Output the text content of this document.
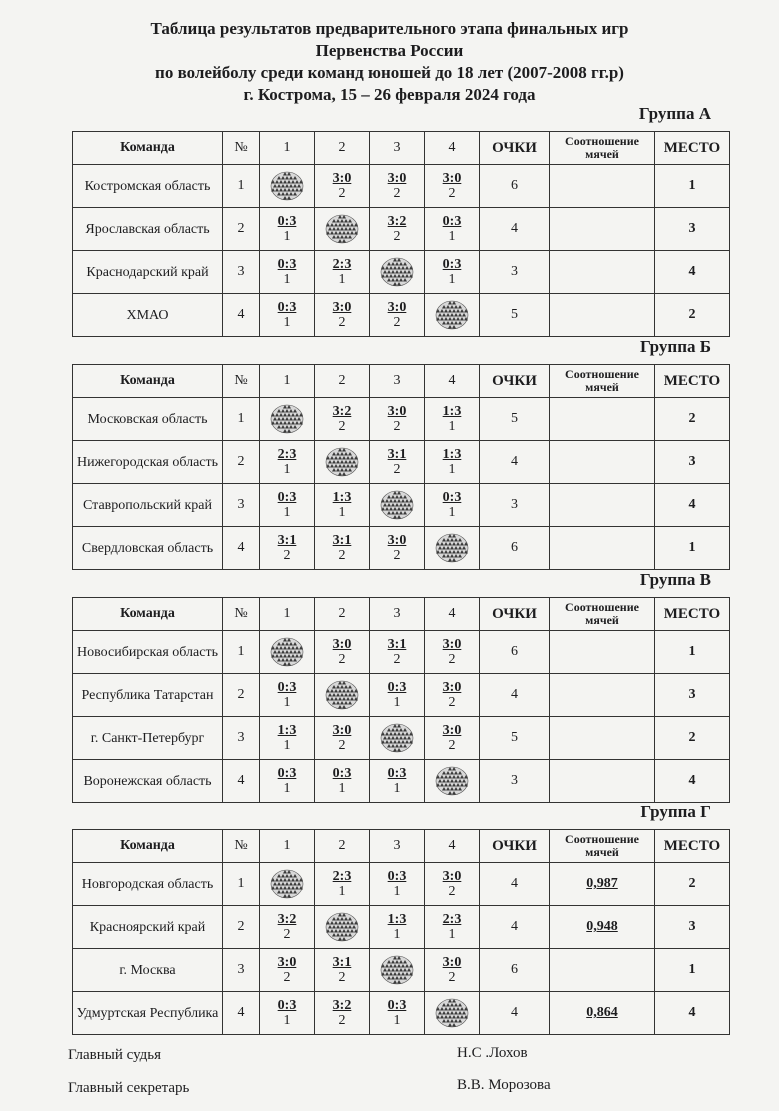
Таблица результатов предварительного этапа финальных игр
Первенства России
по волейболу среди команд юношей до 18 лет (2007-2008 гг.р)
г. Кострома, 15 – 26 февраля 2024 года
Группа А
Команда	№	1	2	3	4	ОЧКИ	Соотношение мячей	МЕСТО
Костромская область	1		$\frac{3:0}{2}$	$\frac{3:0}{2}$	$\frac{3:0}{2}$	6		1
Ярославская область	2	$\frac{0:3}{1}$		$\frac{3:2}{2}$	$\frac{0:3}{1}$	4		3
Краснодарский край	3	$\frac{0:3}{1}$	$\frac{2:3}{1}$		$\frac{0:3}{1}$	3		4
ХМАО	4	$\frac{0:3}{1}$	$\frac{3:0}{2}$	$\frac{3:0}{2}$		5		2
Группа Б
Команда	№	1	2	3	4	ОЧКИ	Соотношение мячей	МЕСТО
Московская область	1		$\frac{3:2}{2}$	$\frac{3:0}{2}$	$\frac{1:3}{1}$	5		2
Нижегородская область	2	$\frac{2:3}{1}$		$\frac{3:1}{2}$	$\frac{1:3}{1}$	4		3
Ставропольский край	3	$\frac{0:3}{1}$	$\frac{1:3}{1}$		$\frac{0:3}{1}$	3		4
Свердловская область	4	$\frac{3:1}{2}$	$\frac{3:1}{2}$	$\frac{3:0}{2}$		6		1
Группа В
Команда	№	1	2	3	4	ОЧКИ	Соотношение мячей	МЕСТО
Новосибирская область	1		$\frac{3:0}{2}$	$\frac{3:1}{2}$	$\frac{3:0}{2}$	6		1
Республика Татарстан	2	$\frac{0:3}{1}$		$\frac{0:3}{1}$	$\frac{3:0}{2}$	4		3
г. Санкт-Петербург	3	$\frac{1:3}{1}$	$\frac{3:0}{2}$		$\frac{3:0}{2}$	5		2
Воронежская область	4	$\frac{0:3}{1}$	$\frac{0:3}{1}$	$\frac{0:3}{1}$		3		4
Группа Г
Команда	№	1	2	3	4	ОЧКИ	Соотношение мячей	МЕСТО
Новгородская область	1		$\frac{2:3}{1}$	$\frac{0:3}{1}$	$\frac{3:0}{2}$	4	0,987	2
Красноярский край	2	$\frac{3:2}{2}$		$\frac{1:3}{1}$	$\frac{2:3}{1}$	4	0,948	3
г. Москва	3	$\frac{3:0}{2}$	$\frac{3:1}{2}$		$\frac{3:0}{2}$	6		1
Удмуртская Республика	4	$\frac{0:3}{1}$	$\frac{3:2}{2}$	$\frac{0:3}{1}$		4	0,864	4
Главный судья	Н.С .Лохов
Главный секретарь	В.В. Морозова
